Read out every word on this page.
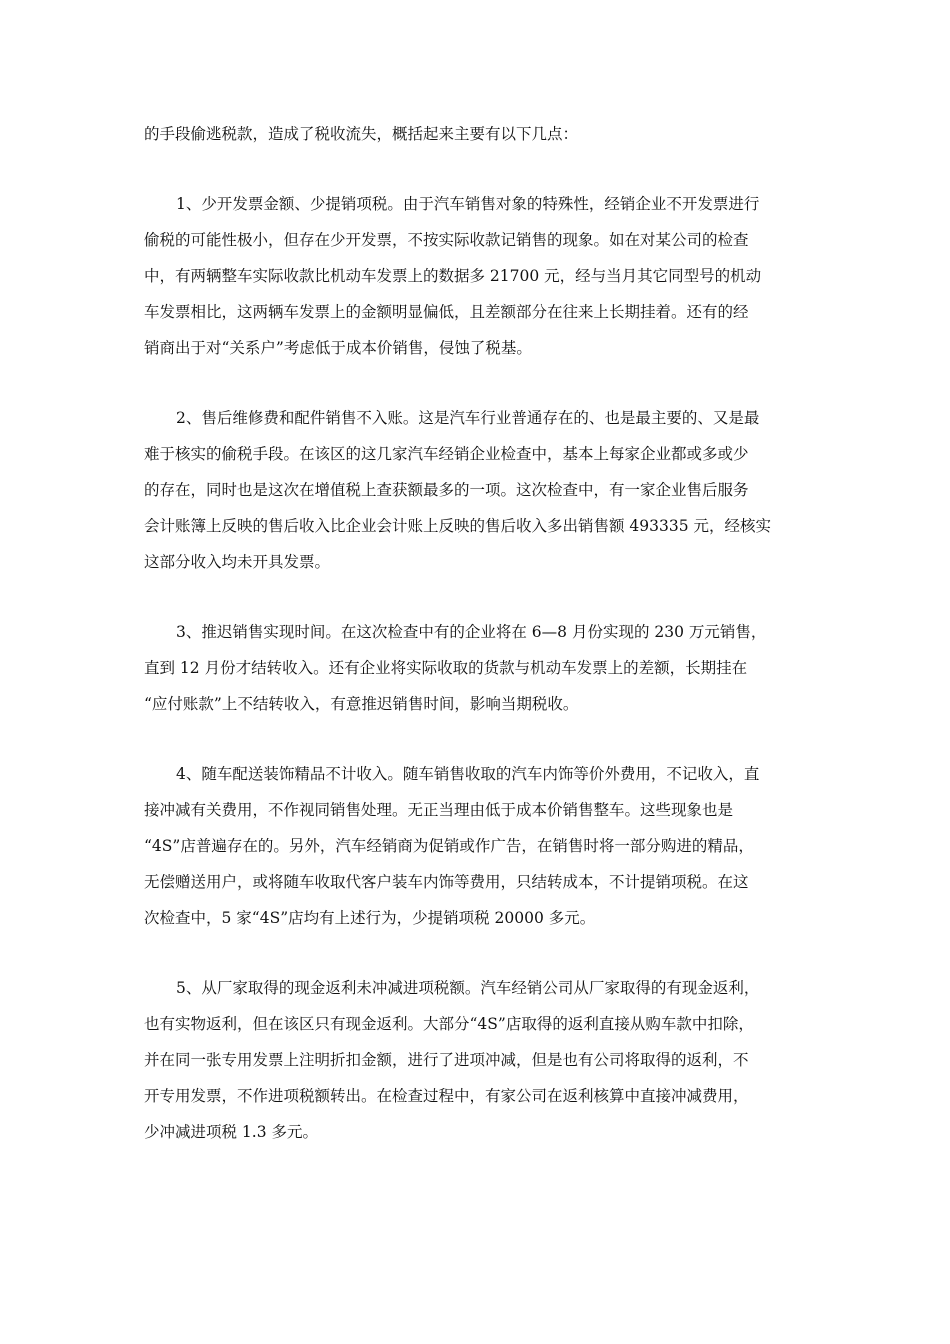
的手段偷逃税款，造成了税收流失，概括起来主要有以下几点：
1、少开发票金额、少提销项税。由于汽车销售对象的特殊性，经销企业不开发票进行
偷税的可能性极小，但存在少开发票，不按实际收款记销售的现象。如在对某公司的检查
中，有两辆整车实际收款比机动车发票上的数据多 21700 元，经与当月其它同型号的机动
车发票相比，这两辆车发票上的金额明显偏低，且差额部分在往来上长期挂着。还有的经
销商出于对“关系户”考虑低于成本价销售，侵蚀了税基。
2、售后维修费和配件销售不入账。这是汽车行业普通存在的、也是最主要的、又是最
难于核实的偷税手段。在该区的这几家汽车经销企业检查中，基本上每家企业都或多或少
的存在，同时也是这次在增值税上查获额最多的一项。这次检查中，有一家企业售后服务
会计账簿上反映的售后收入比企业会计账上反映的售后收入多出销售额 493335 元，经核实
这部分收入均未开具发票。
3、推迟销售实现时间。在这次检查中有的企业将在 6—8 月份实现的 230 万元销售，
直到 12 月份才结转收入。还有企业将实际收取的货款与机动车发票上的差额，长期挂在
“应付账款”上不结转收入，有意推迟销售时间，影响当期税收。
4、随车配送装饰精品不计收入。随车销售收取的汽车内饰等价外费用，不记收入，直
接冲减有关费用，不作视同销售处理。无正当理由低于成本价销售整车。这些现象也是
“4S”店普遍存在的。另外，汽车经销商为促销或作广告，在销售时将一部分购进的精品，
无偿赠送用户，或将随车收取代客户装车内饰等费用，只结转成本，不计提销项税。在这
次检查中，5 家“4S”店均有上述行为，少提销项税 20000 多元。
5、从厂家取得的现金返利未冲减进项税额。汽车经销公司从厂家取得的有现金返利，
也有实物返利，但在该区只有现金返利。大部分“4S”店取得的返利直接从购车款中扣除，
并在同一张专用发票上注明折扣金额，进行了进项冲减，但是也有公司将取得的返利，不
开专用发票，不作进项税额转出。在检查过程中，有家公司在返利核算中直接冲减费用，
少冲减进项税 1.3 多元。
